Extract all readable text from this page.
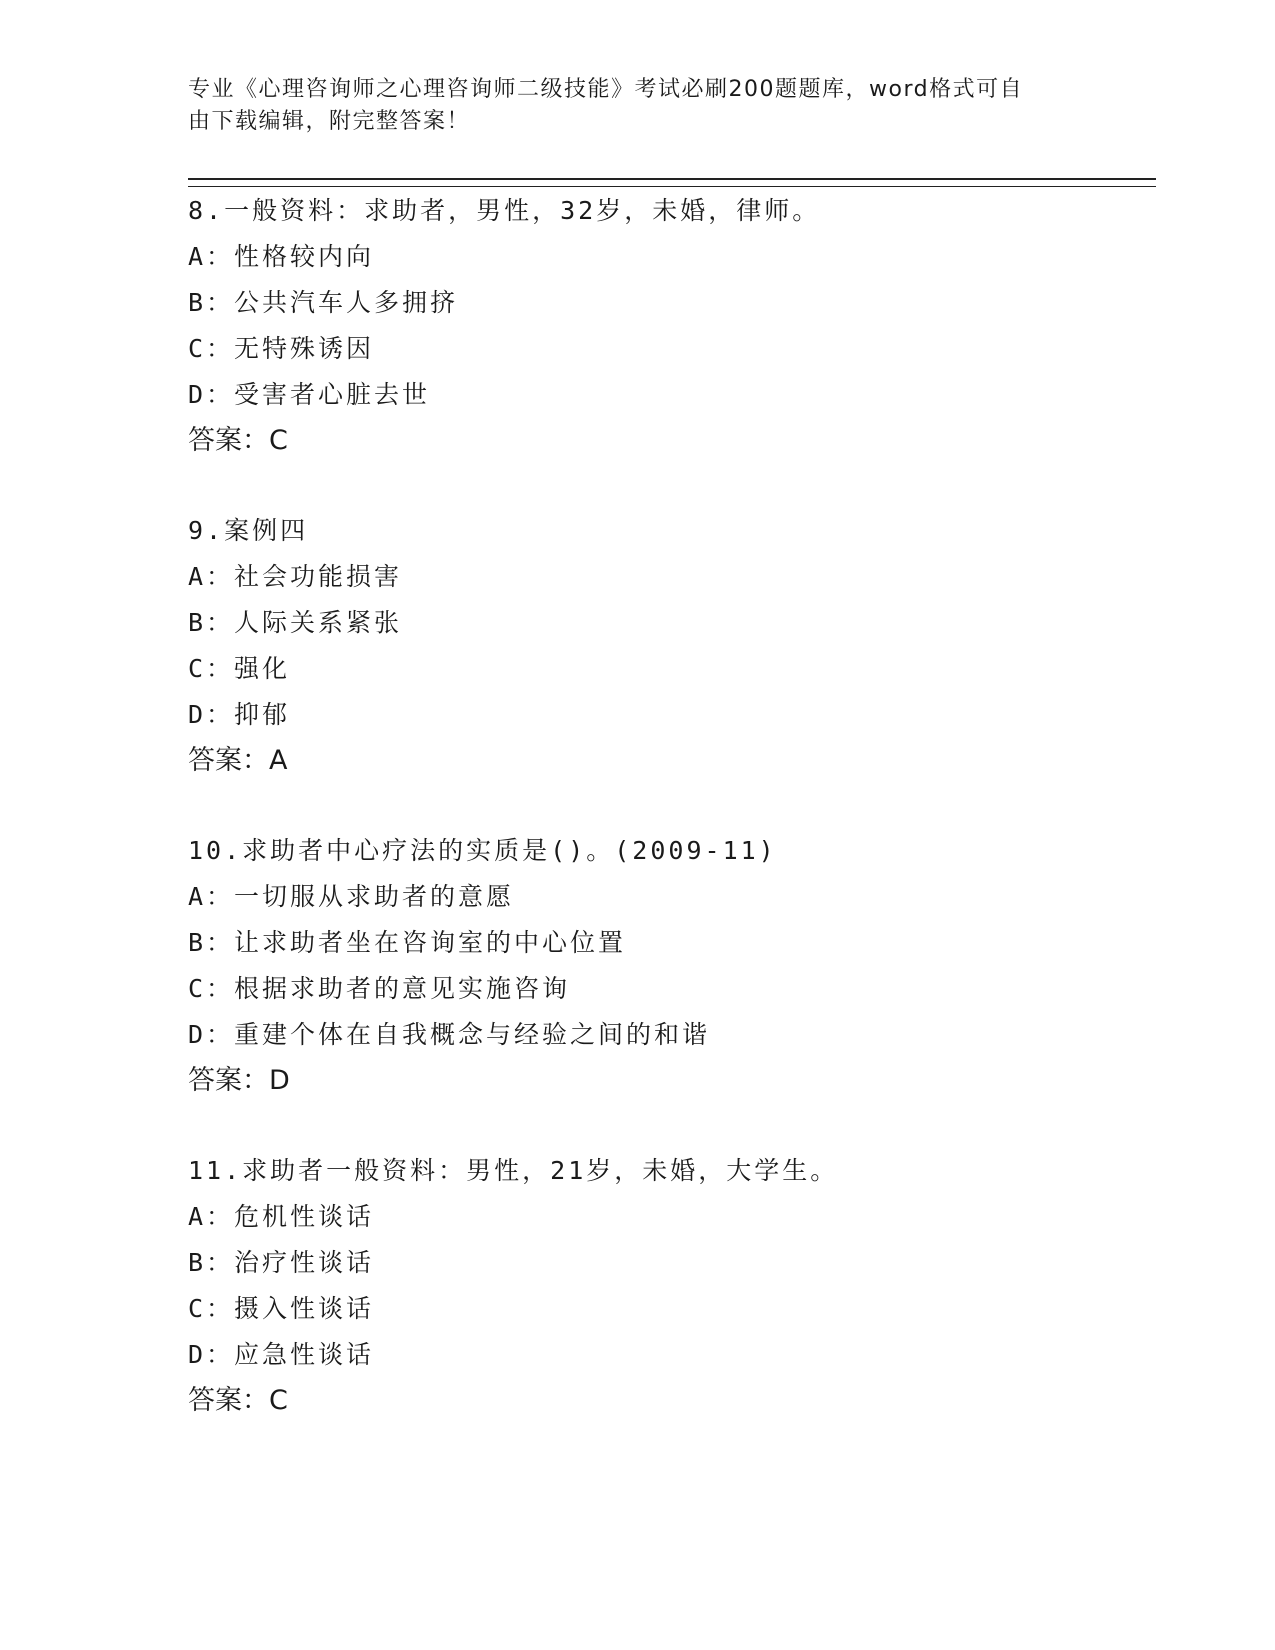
专业《心理咨询师之心理咨询师二级技能》考试必刷200题题库，word格式可自
由下载编辑，附完整答案！
8.一般资料：求助者，男性，32岁，未婚，律师。
A：性格较内向
B：公共汽车人多拥挤
C：无特殊诱因
D：受害者心脏去世
答案：C
9.案例四
A：社会功能损害
B：人际关系紧张
C：强化
D：抑郁
答案：A
10.求助者中心疗法的实质是()。(2009-11)
A：一切服从求助者的意愿
B：让求助者坐在咨询室的中心位置
C：根据求助者的意见实施咨询
D：重建个体在自我概念与经验之间的和谐
答案：D
11.求助者一般资料：男性，21岁，未婚，大学生。
A：危机性谈话
B：治疗性谈话
C：摄入性谈话
D：应急性谈话
答案：C
